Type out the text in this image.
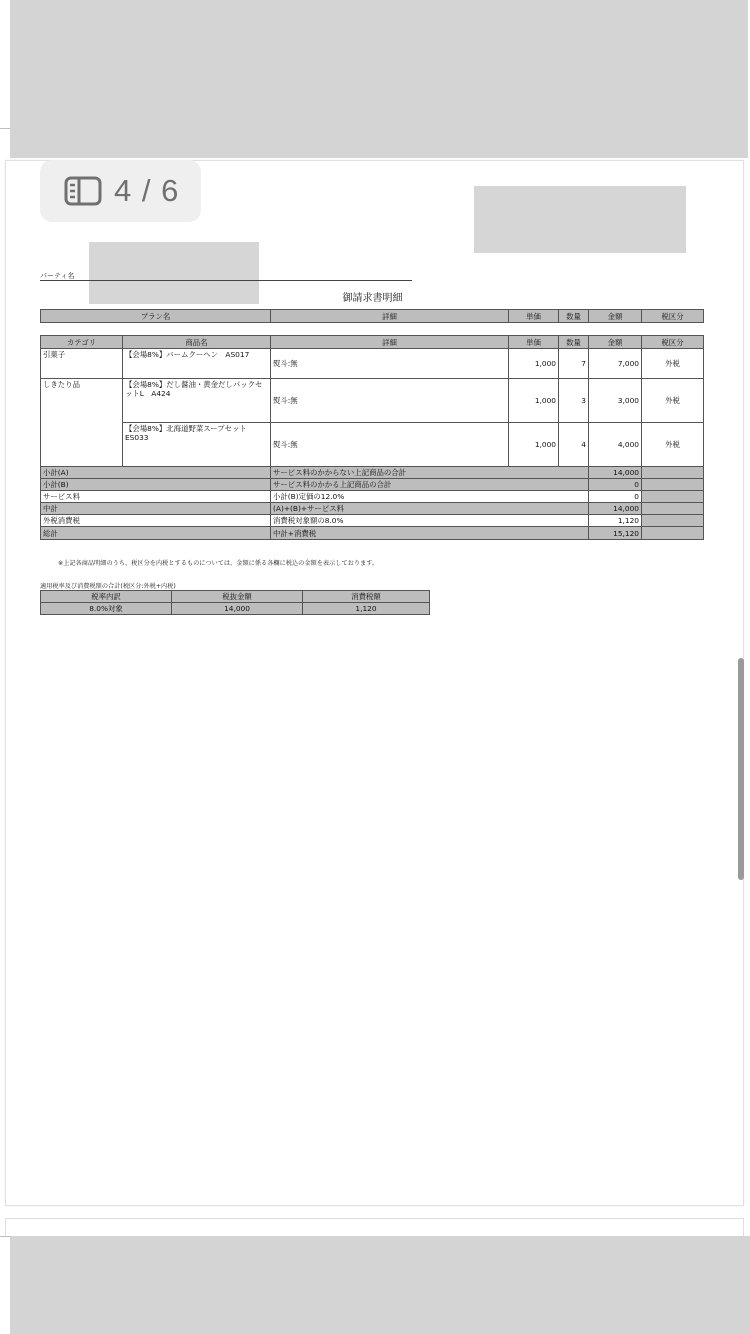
4 / 6
パーティ名
御請求書明細
プラン名	詳細	単価	数量	金額	税区分
カテゴリ	商品名	詳細	単価	数量	金額	税区分
引菓子	【会場8%】バームクーヘン　AS017	熨斗:無	1,000	7	7,000	外税
しきたり品	【会場8%】だし醤油・黄金だしパックセットL　A424	熨斗:無	1,000	3	3,000	外税
	【会場8%】北海道野菜スープセット　ES033	熨斗:無	1,000	4	4,000	外税
小計(A)		サービス料のかからない上記商品の合計			14,000	
小計(B)		サービス料のかかる上記商品の合計			0	
サービス料		小計(B)定価の12.0%			0	
中計		(A)+(B)+サービス料			14,000	
外税消費税		消費税対象額の8.0%			1,120	
総計		中計+消費税			15,120	
※上記各商品明細のうち、税区分を内税とするものについては、金額に係る各欄に税込の金額を表示しております。
適用税率及び消費税額の合計(税区分:外税+内税)
税率内訳	税抜金額	消費税額
8.0%対象	14,000	1,120
